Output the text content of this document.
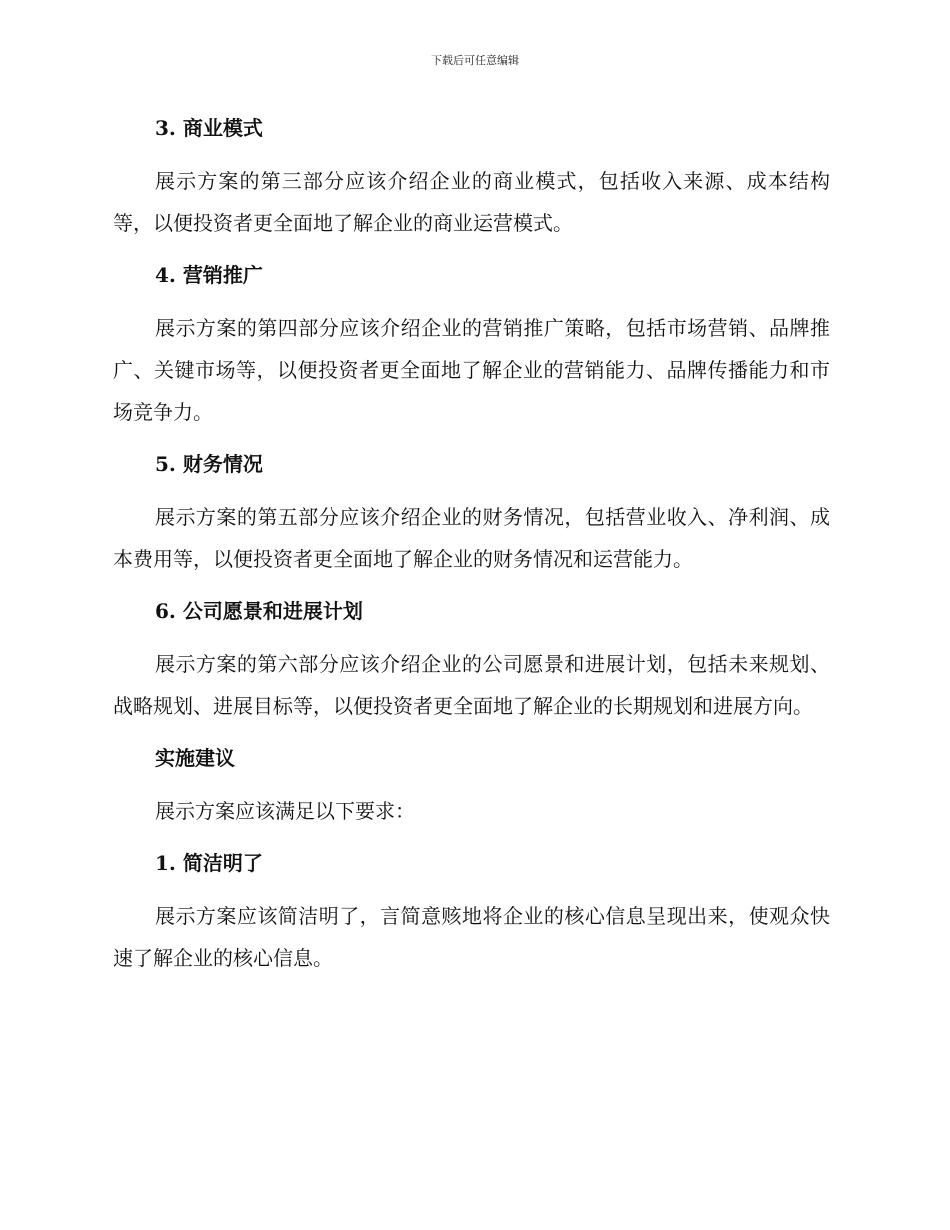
下载后可任意编辑
3. 商业模式

展示方案的第三部分应该介绍企业的商业模式，包括收入来源、成本结构等，以便投资者更全面地了解企业的商业运营模式。

4. 营销推广

展示方案的第四部分应该介绍企业的营销推广策略，包括市场营销、品牌推广、关键市场等，以便投资者更全面地了解企业的营销能力、品牌传播能力和市场竞争力。

5. 财务情况

展示方案的第五部分应该介绍企业的财务情况，包括营业收入、净利润、成本费用等，以便投资者更全面地了解企业的财务情况和运营能力。

6. 公司愿景和进展计划

展示方案的第六部分应该介绍企业的公司愿景和进展计划，包括未来规划、战略规划、进展目标等，以便投资者更全面地了解企业的长期规划和进展方向。

实施建议

展示方案应该满足以下要求：

1. 简洁明了

展示方案应该简洁明了，言简意赅地将企业的核心信息呈现出来，使观众快速了解企业的核心信息。
